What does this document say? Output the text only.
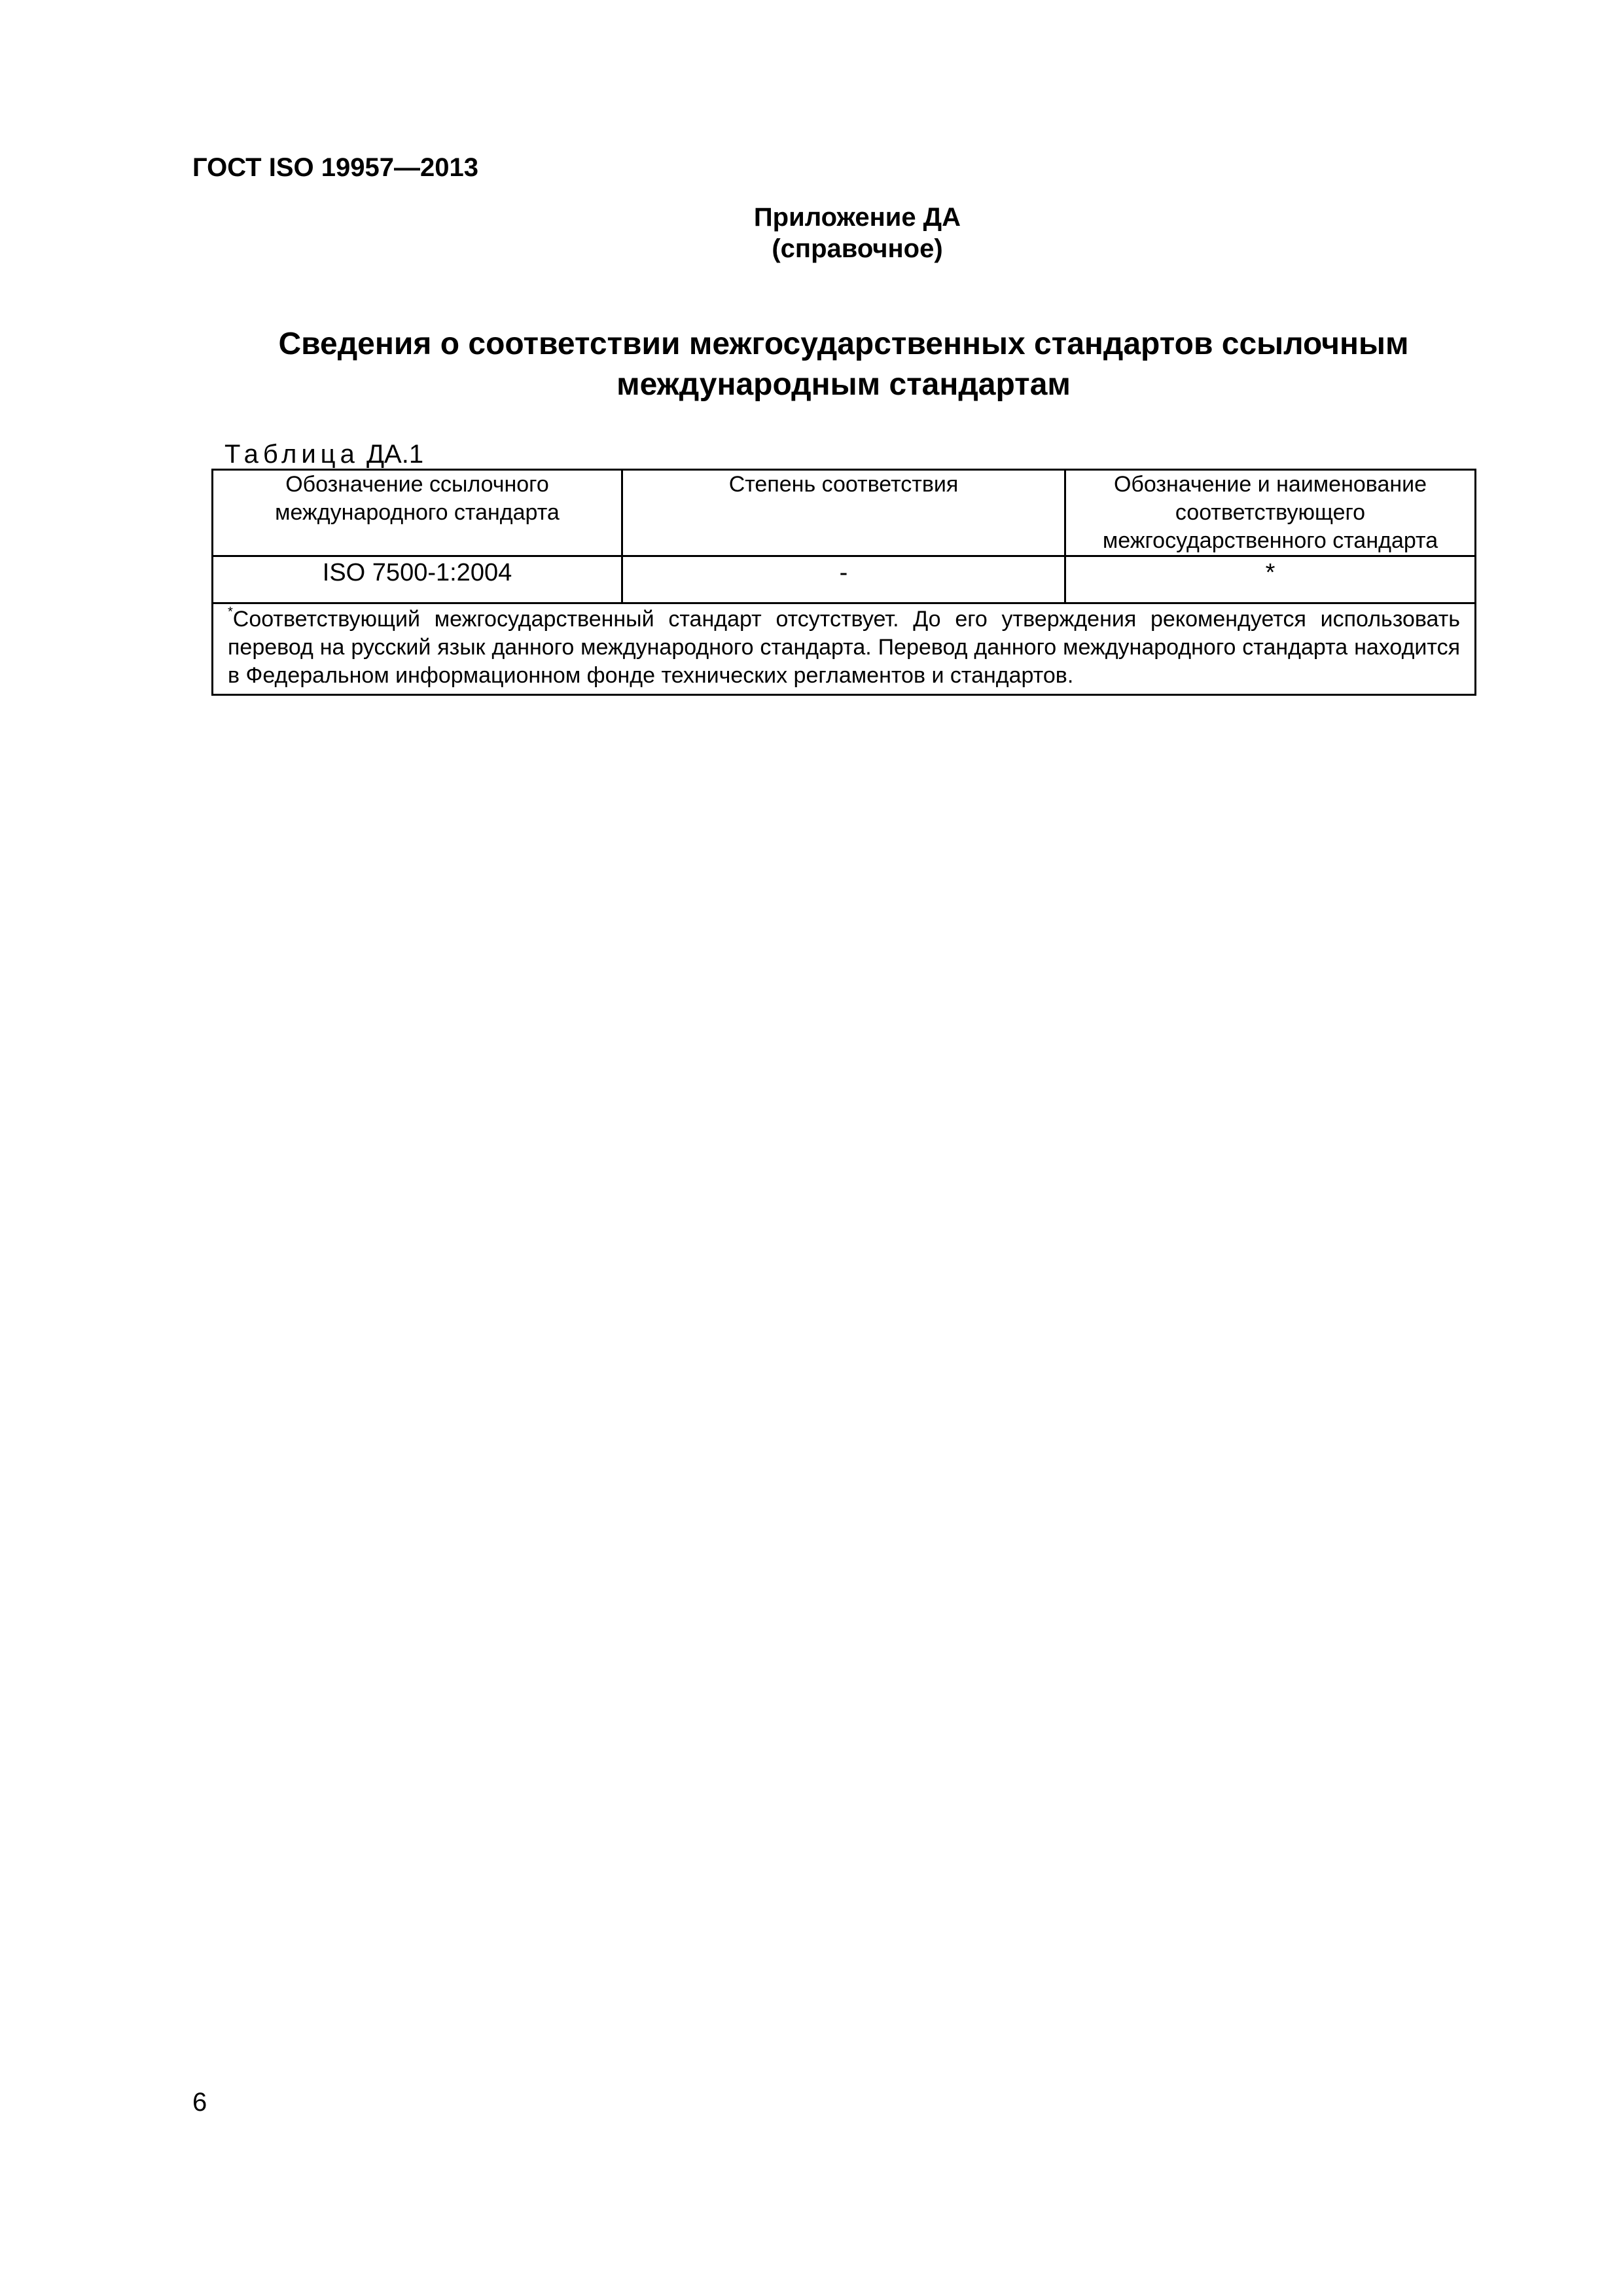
ГОСТ ISO 19957—2013
Приложение ДА
(справочное)
Сведения о соответствии межгосударственных стандартов ссылочным
международным стандартам
Таблица ДА.1
Обозначение ссылочного международного стандарта	Степень соответствия	Обозначение и наименование соответствующего межгосударственного стандарта
ISO 7500-1:2004	-	*
*Соответствующий межгосударственный стандарт отсутствует. До его утверждения рекомендуется использовать перевод на русский язык данного международного стандарта. Перевод данного международного стандарта находится в Федеральном информационном фонде технических регламентов и стандартов.		
6
